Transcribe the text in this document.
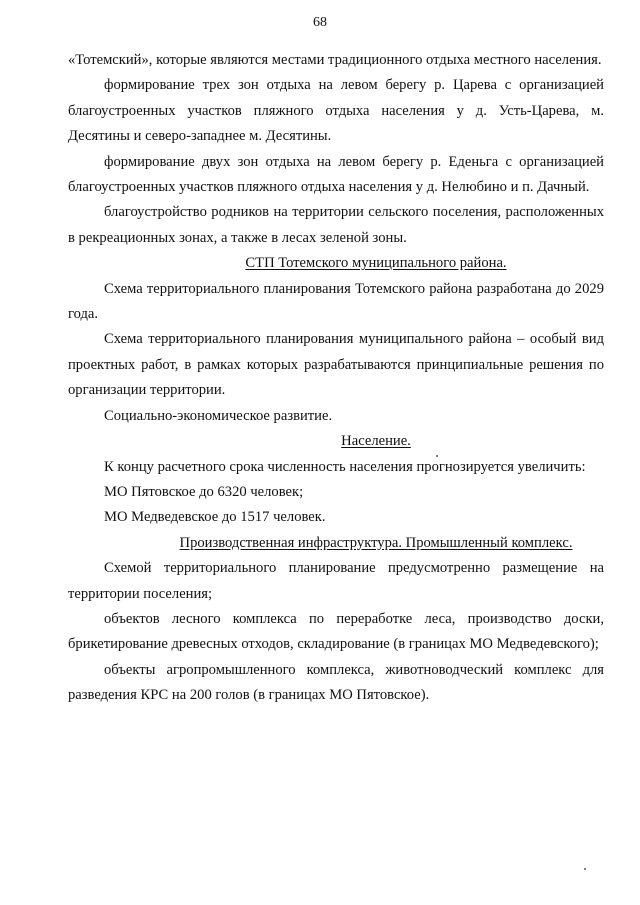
68

«Тотемский», которые являются местами традиционного отдыха местного населения.

формирование трех зон отдыха на левом берегу р. Царева с организацией благоустроенных участков пляжного отдыха населения у д. Усть-Царева, м. Десятины и северо-западнее м. Десятины.

формирование двух зон отдыха на левом берегу р. Еденьга с организацией благоустроенных участков пляжного отдыха населения у д. Нелюбино и п. Дачный.

благоустройство родников на территории сельского поселения, расположенных в рекреационных зонах, а также в лесах зеленой зоны.

СТП Тотемского муниципального района.

Схема территориального планирования Тотемского района разработана до 2029 года.

Схема территориального планирования муниципального района – особый вид проектных работ, в рамках которых разрабатываются принципиальные решения по организации территории.

Социально-экономическое развитие.

Население.

К концу расчетного срока численность населения прогнозируется увеличить:

МО Пятовское до 6320 человек;

МО Медведевское до 1517 человек.

Производственная инфраструктура. Промышленный комплекс.

Схемой территориального планирование предусмотренно размещение на территории поселения;

объектов лесного комплекса по переработке леса, производство доски, брикетирование древесных отходов, складирование (в границах МО Медведевского);

объекты агропромышленного комплекса, животноводческий комплекс для разведения КРС на 200 голов (в границах МО Пятовское).
